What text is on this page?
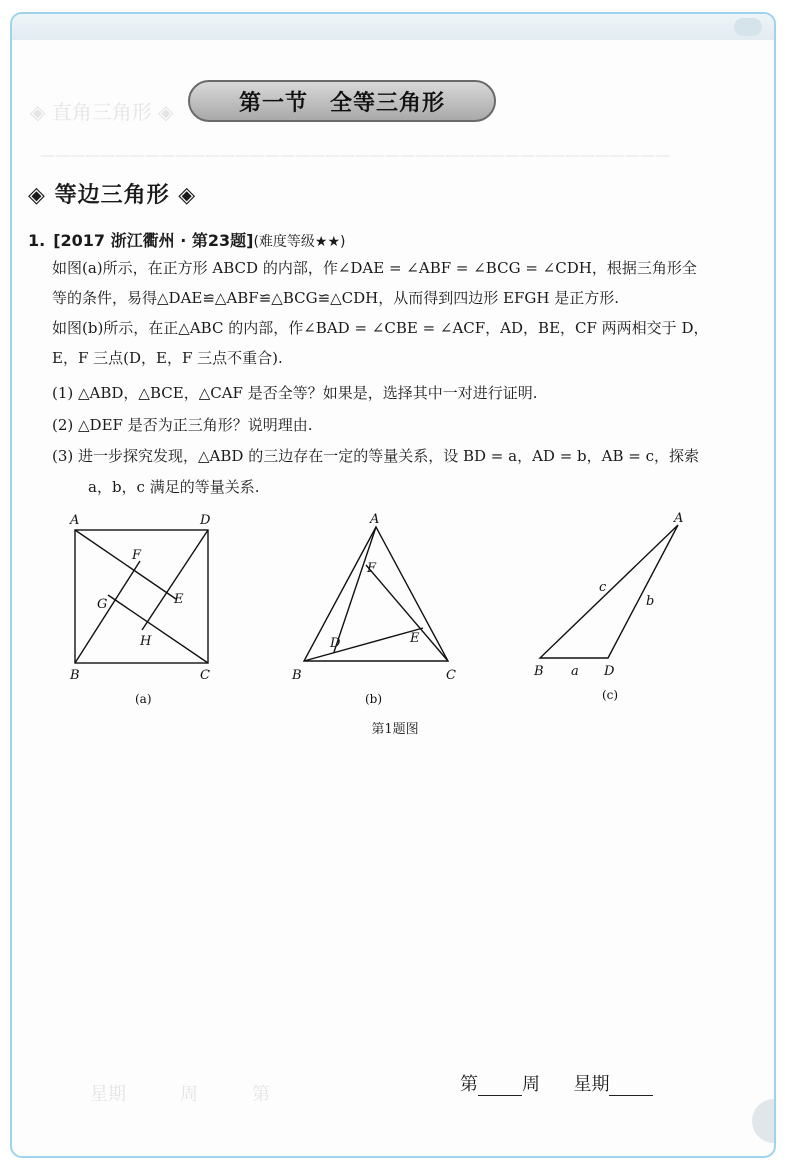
◈ 直角三角形 ◈
——————————————————————————————————————————
星期　　　周　　　第
第一节 全等三角形
◈ 等边三角形 ◈
1. [2017 浙江衢州 · 第23题](难度等级★★)
如图(a)所示，在正方形 ABCD 的内部，作∠DAE = ∠ABF = ∠BCG = ∠CDH，根据三角形全
等的条件，易得△DAE≌△ABF≌△BCG≌△CDH，从而得到四边形 EFGH 是正方形.
如图(b)所示，在正△ABC 的内部，作∠BAD = ∠CBE = ∠ACF，AD，BE，CF 两两相交于 D，
E，F 三点(D，E，F 三点不重合).
(1) △ABD，△BCE，△CAF 是否全等？如果是，选择其中一对进行证明.
(2) △DEF 是否为正三角形？说明理由.
(3) 进一步探究发现，△ABD 的三边存在一定的等量关系，设 BD = a，AD = b，AB = c，探索
a，b，c 满足的等量关系.
A	D
B	C
F
E
G
H
(a)
A
B	C
F
E
D
(b)
A
B	D
a
b
c
(c)
第1题图
第 周 星期
